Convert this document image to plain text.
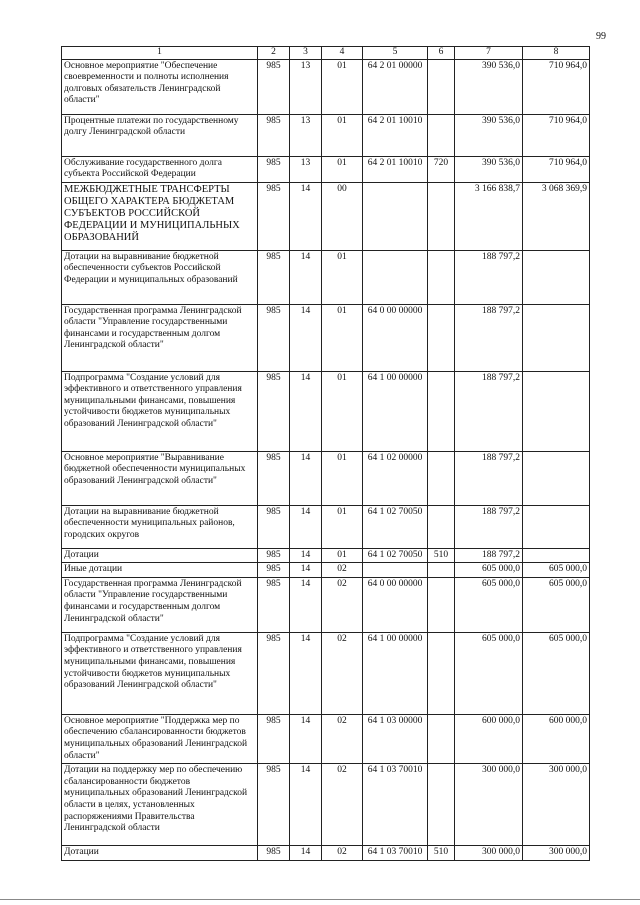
99
1	2	3	4	5	6	7	8
Основное мероприятие "Обеспечение своевременности и полноты исполнения долговых обязательств Ленинградской области"	985	13	01	64 2 01 00000		390 536,0	710 964,0
Процентные платежи по государственному долгу Ленинградской области	985	13	01	64 2 01 10010		390 536,0	710 964,0
Обслуживание государственного долга субъекта Российской Федерации	985	13	01	64 2 01 10010	720	390 536,0	710 964,0
МЕЖБЮДЖЕТНЫЕ ТРАНСФЕРТЫ ОБЩЕГО ХАРАКТЕРА БЮДЖЕТАМ СУБЪЕКТОВ РОССИЙСКОЙ ФЕДЕРАЦИИ И МУНИЦИПАЛЬНЫХ ОБРАЗОВАНИЙ	985	14	00			3 166 838,7	3 068 369,9
Дотации на выравнивание бюджетной обеспеченности субъектов Российской Федерации и муниципальных образований	985	14	01			188 797,2	
Государственная программа Ленинградской области "Управление государственными финансами и государственным долгом Ленинградской области"	985	14	01	64 0 00 00000		188 797,2	
Подпрограмма "Создание условий для эффективного и ответственного управления муниципальными финансами, повышения устойчивости бюджетов муниципальных образований Ленинградской области"	985	14	01	64 1 00 00000		188 797,2	
Основное мероприятие "Выравнивание бюджетной обеспеченности муниципальных образований Ленинградской области"	985	14	01	64 1 02 00000		188 797,2	
Дотации на выравнивание бюджетной обеспеченности муниципальных районов, городских округов	985	14	01	64 1 02 70050		188 797,2	
Дотации	985	14	01	64 1 02 70050	510	188 797,2	
Иные дотации	985	14	02			605 000,0	605 000,0
Государственная программа Ленинградской области "Управление государственными финансами и государственным долгом Ленинградской области"	985	14	02	64 0 00 00000		605 000,0	605 000,0
Подпрограмма "Создание условий для эффективного и ответственного управления муниципальными финансами, повышения устойчивости бюджетов муниципальных образований Ленинградской области"	985	14	02	64 1 00 00000		605 000,0	605 000,0
Основное мероприятие "Поддержка мер по обеспечению сбалансированности бюджетов муниципальных образований Ленинградской области"	985	14	02	64 1 03 00000		600 000,0	600 000,0
Дотации на поддержку мер по обеспечению сбалансированности бюджетов муниципальных образований Ленинградской области в целях, установленных распоряжениями Правительства Ленинградской области	985	14	02	64 1 03 70010		300 000,0	300 000,0
Дотации	985	14	02	64 1 03 70010	510	300 000,0	300 000,0
